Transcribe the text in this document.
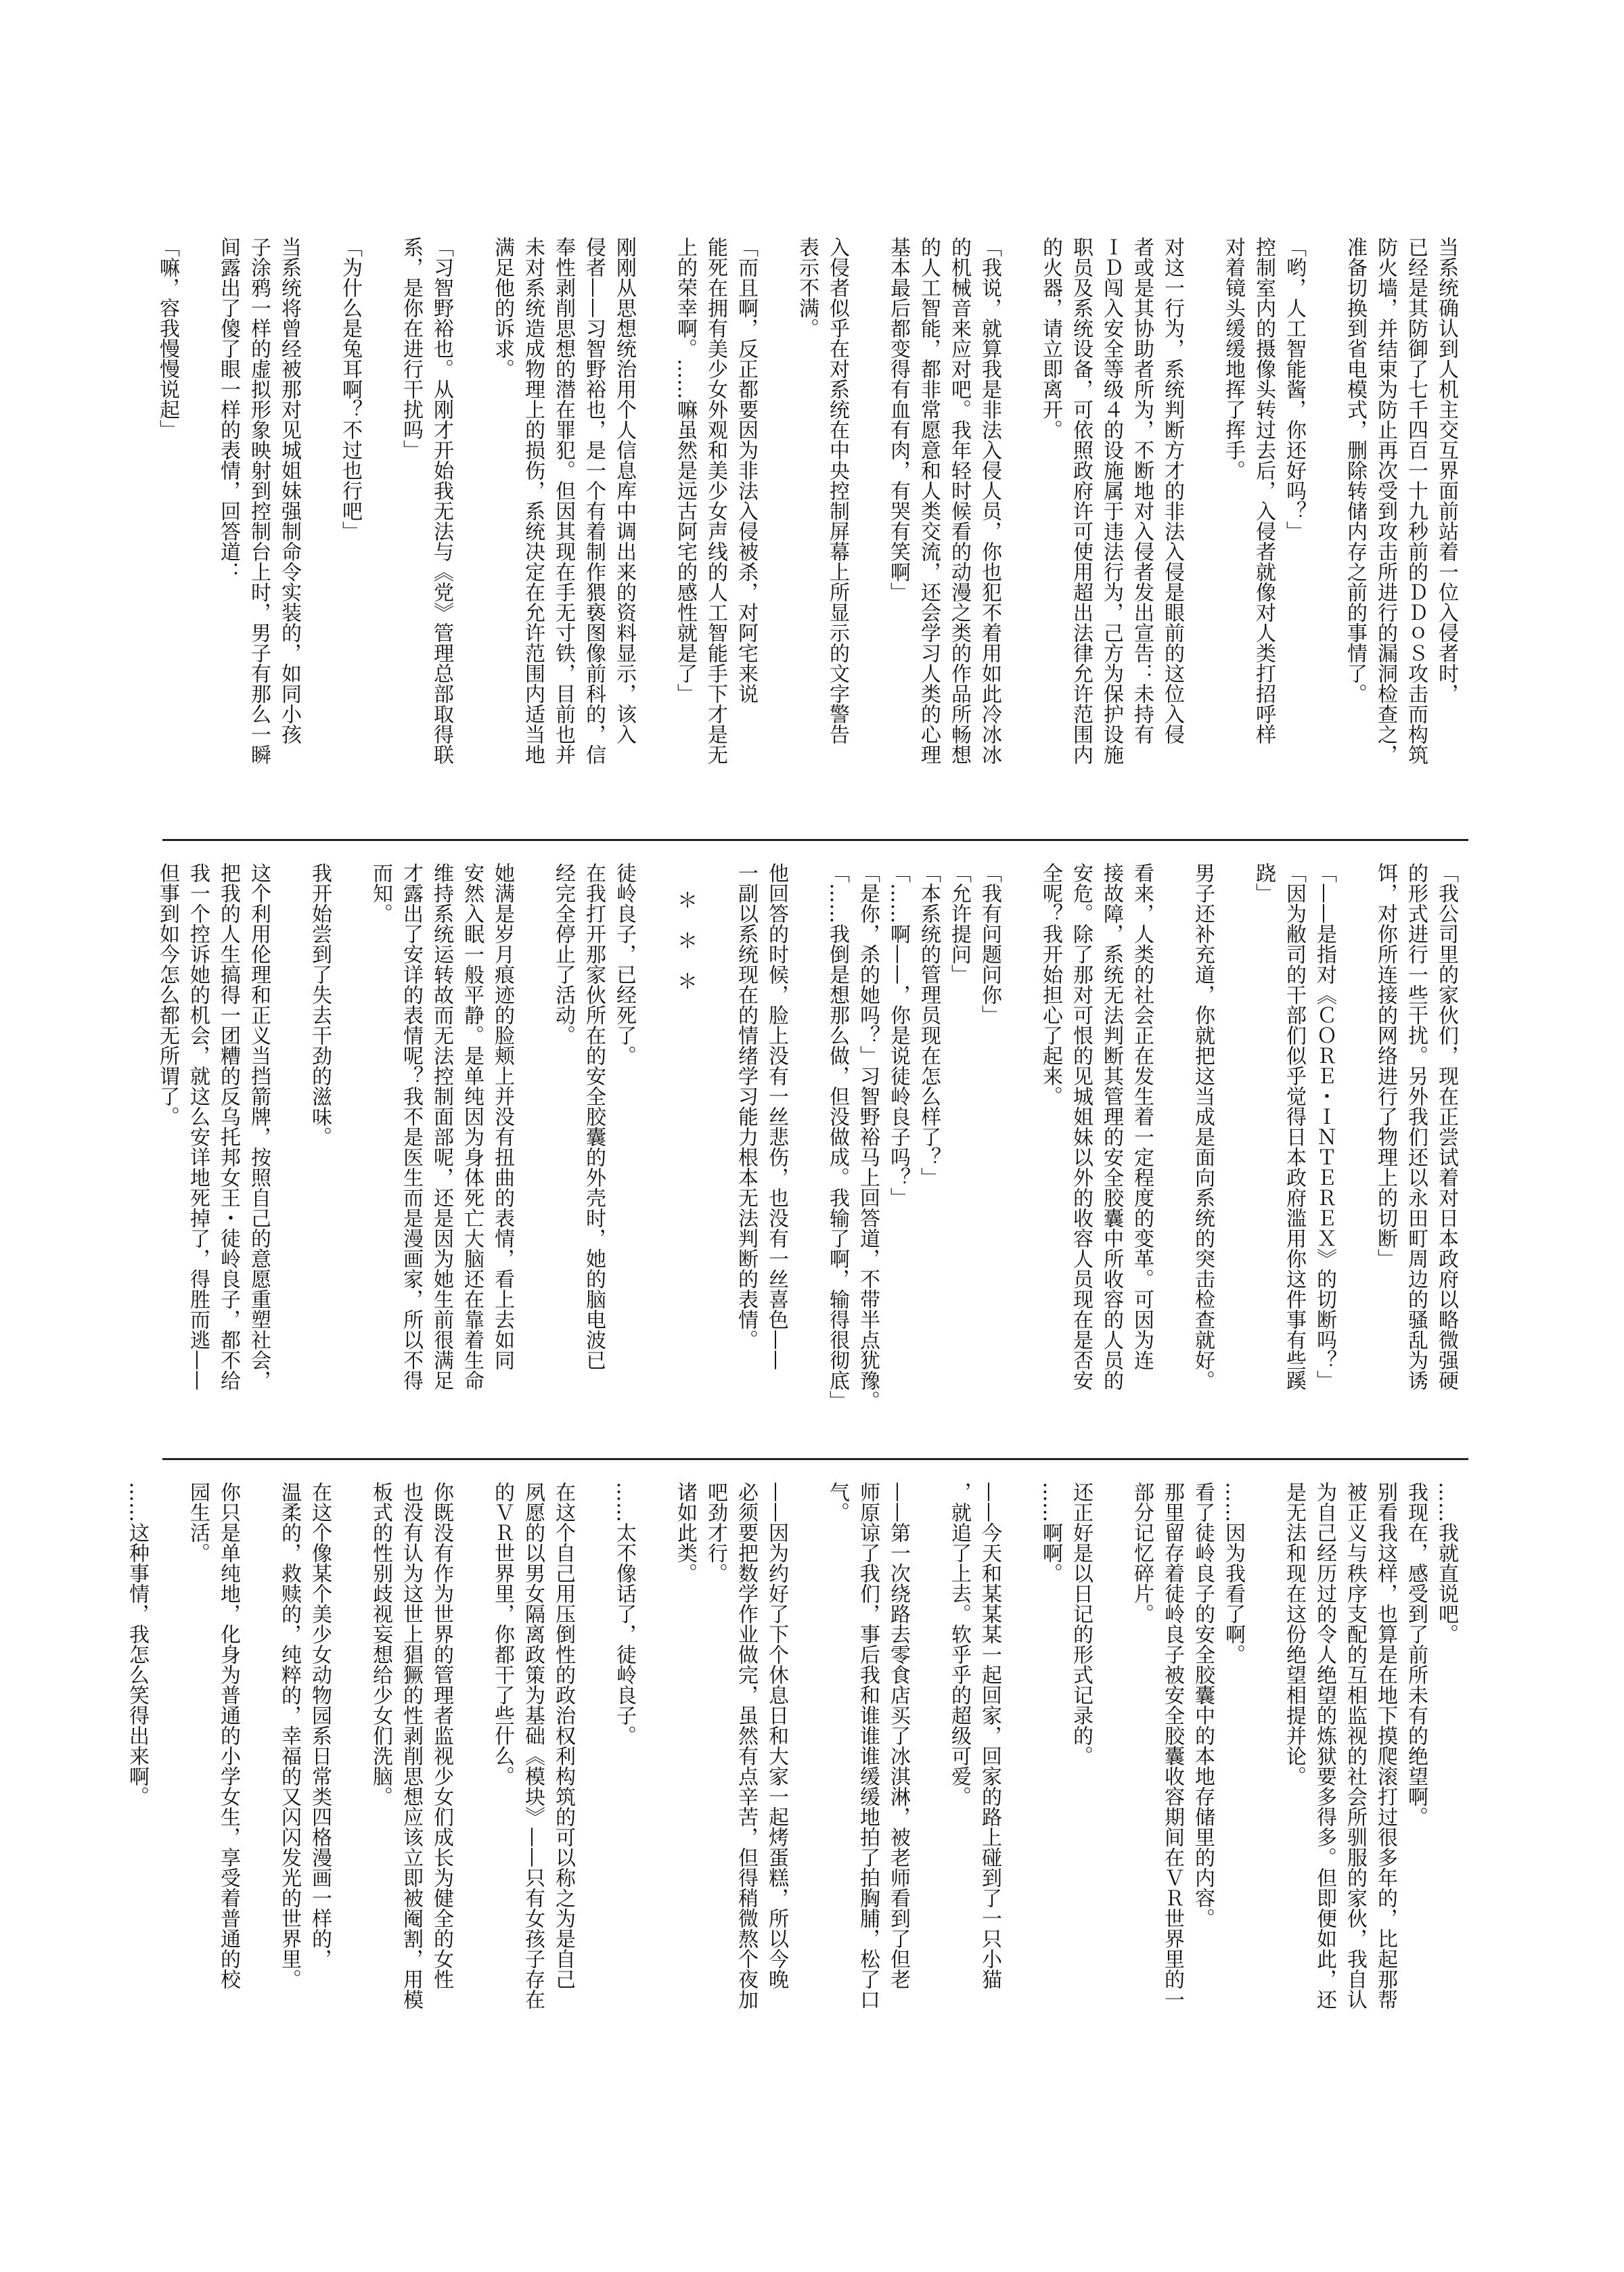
当系统确认到人机主交互界面前站着一位入侵者时，

已经是其防御了七千四百一十九秒前的ＤＤｏＳ攻击而构筑

防火墙，并结束为防止再次受到攻击所进行的漏洞检查之，

准备切换到省电模式，删除转储内存之前的事情了。

「哟，人工智能酱，你还好吗？」

控制室内的摄像头转过去后，入侵者就像对人类打招呼样

对着镜头缓缓地挥了挥手。

对这一行为，系统判断方才的非法入侵是眼前的这位入侵

者或是其协助者所为，不断地对入侵者发出宣告：未持有

ＩＤ闯入安全等级４的设施属于违法行为，己方为保护设施

职员及系统设备，可依照政府许可使用超出法律允许范围内

的火器，请立即离开。

「我说，就算我是非法入侵人员，你也犯不着用如此冷冰冰

的机械音来应对吧。我年轻时候看的动漫之类的作品所畅想

的人工智能，都非常愿意和人类交流，还会学习人类的心理

基本最后都变得有血有肉，有哭有笑啊」

入侵者似乎在对系统在中央控制屏幕上所显示的文字警告

表示不满。

「而且啊，反正都要因为非法入侵被杀，对阿宅来说

能死在拥有美少女外观和美少女声线的人工智能手下才是无

上的荣幸啊。……嘛虽然是远古阿宅的感性就是了」

刚刚从思想统治用个人信息库中调出来的资料显示，该入

侵者——习智野裕也，是一个有着制作猥亵图像前科的，信

奉性剥削思想的潜在罪犯。但因其现在手无寸铁，目前也并

未对系统造成物理上的损伤，系统决定在允许范围内适当地

满足他的诉求。

「习智野裕也。从刚才开始我无法与《党》管理总部取得联

系，是你在进行干扰吗」

「为什么是兔耳啊？不过也行吧」

当系统将曾经被那对见城姐妹强制命令实装的，如同小孩

子涂鸦一样的虚拟形象映射到控制台上时，男子有那么一瞬

间露出了傻了眼一样的表情，回答道：

「嘛，容我慢慢说起」

「我公司里的家伙们，现在正尝试着对日本政府以略微强硬

的形式进行一些干扰。另外我们还以永田町周边的骚乱为诱

饵，对你所连接的网络进行了物理上的切断」

「——是指对《ＣＯＲＥ・ＩＮＴＥＲＥＸ》的切断吗？」

「因为敝司的干部们似乎觉得日本政府滥用你这件事有些蹊

跷」

男子还补充道，你就把这当成是面向系统的突击检查就好。

看来，人类的社会正在发生着一定程度的变革。可因为连

接故障，系统无法判断其管理的安全胶囊中所收容的人员的

安危。除了那对可恨的见城姐妹以外的收容人员现在是否安

全呢？我开始担心了起来。

「我有问题问你」

「允许提问」

「本系统的管理员现在怎么样了？」

「……啊——，你是说徒岭良子吗？」

「是你，杀的她吗？」习智野裕马上回答道，不带半点犹豫。

「……我倒是想那么做，但没做成。我输了啊，输得很彻底」

他回答的时候，脸上没有一丝悲伤，也没有一丝喜色——

一副以系统现在的情绪学习能力根本无法判断的表情。

＊＊＊

徒岭良子，已经死了。

在我打开那家伙所在的安全胶囊的外壳时，她的脑电波已

经完全停止了活动。

她满是岁月痕迹的脸颊上并没有扭曲的表情，看上去如同

安然入眠一般平静。是单纯因为身体死亡大脑还在靠着生命

维持系统运转故而无法控制面部呢，还是因为她生前很满足

才露出了安详的表情呢？我不是医生而是漫画家，所以不得

而知。

我开始尝到了失去干劲的滋味。

这个利用伦理和正义当挡箭牌，按照自己的意愿重塑社会，

把我的人生搞得一团糟的反乌托邦女王・徒岭良子，都不给

我一个控诉她的机会，就这么安详地死掉了，得胜而逃——

但事到如今怎么都无所谓了。

……我就直说吧。

我现在，感受到了前所未有的绝望啊。

别看我这样，也算是在地下摸爬滚打过很多年的，比起那帮

被正义与秩序支配的互相监视的社会所驯服的家伙，我自认

为自己经历过的令人绝望的炼狱要多得多。但即便如此，还

是无法和现在这份绝望相提并论。

……因为我看了啊。

看了徒岭良子的安全胶囊中的本地存储里的内容。

那里留存着徒岭良子被安全胶囊收容期间在ＶＲ世界里的一

部分记忆碎片。

还正好是以日记的形式记录的。

……啊啊。

——今天和某某某一起回家，回家的路上碰到了一只小猫

，就追了上去。软乎乎的超级可爱。

——第一次绕路去零食店买了冰淇淋，被老师看到了但老

师原谅了我们，事后我和谁谁谁缓缓地拍了拍胸脯，松了口

气。

——因为约好了下个休息日和大家一起烤蛋糕，所以今晚

必须要把数学作业做完，虽然有点辛苦，但得稍微熬个夜加

吧劲才行。

诸如此类。

……太不像话了，徒岭良子。

在这个自己用压倒性的政治权利构筑的可以称之为是自己

夙愿的以男女隔离政策为基础《模块》——只有女孩子存在

的ＶＲ世界里，你都干了些什么。

你既没有作为世界的管理者监视少女们成长为健全的女性

也没有认为这世上猖獗的性剥削思想应该立即被阉割，用模

板式的性别歧视妄想给少女们洗脑。

在这个像某个美少女动物园系日常类四格漫画一样的，

温柔的，救赎的，纯粹的，幸福的又闪闪发光的世界里。

你只是单纯地，化身为普通的小学女生，享受着普通的校

园生活。

……这种事情，我怎么笑得出来啊。
